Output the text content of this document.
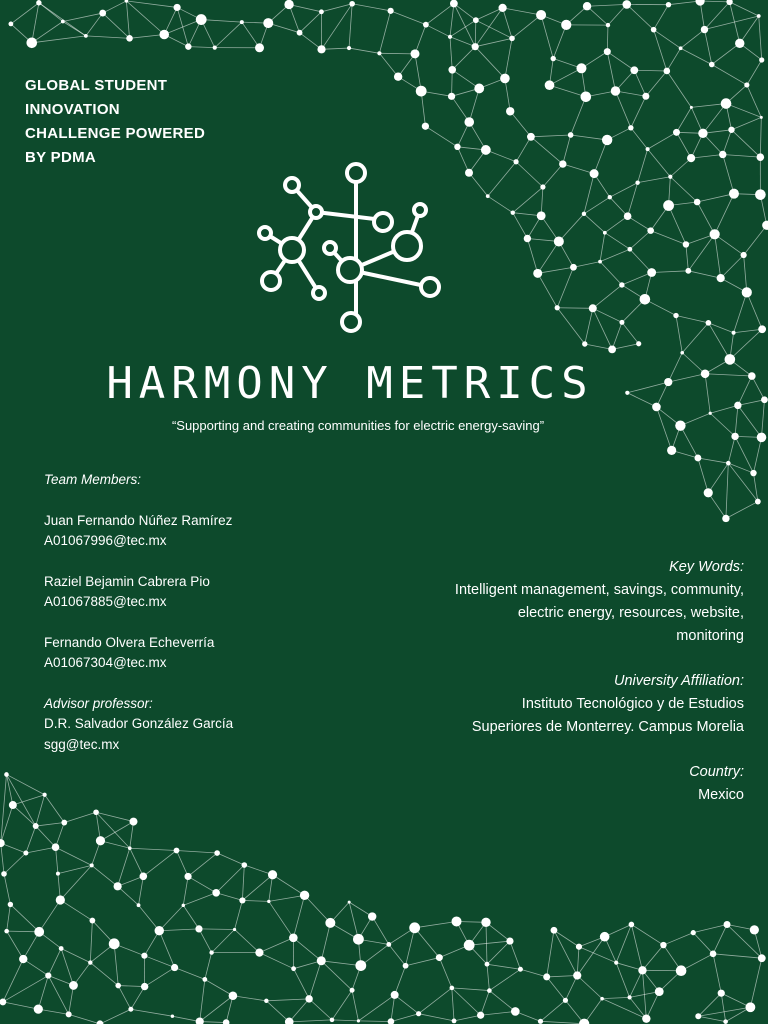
GLOBAL STUDENT
INNOVATION
CHALLENGE POWERED
BY PDMA
HARMONY METRICS
“Supporting and creating communities for electric energy-saving”
Team Members:
Juan Fernando Núñez Ramírez
A01067996@tec.mx
Raziel Bejamin Cabrera Pio
A01067885@tec.mx
Fernando Olvera Echeverría
A01067304@tec.mx
Advisor professor:
D.R. Salvador González García
sgg@tec.mx
Key Words:
Intelligent management, savings, community,
electric energy, resources, website,
monitoring
University Affiliation:
Instituto Tecnológico y de Estudios
Superiores de Monterrey. Campus Morelia
Country:
Mexico
